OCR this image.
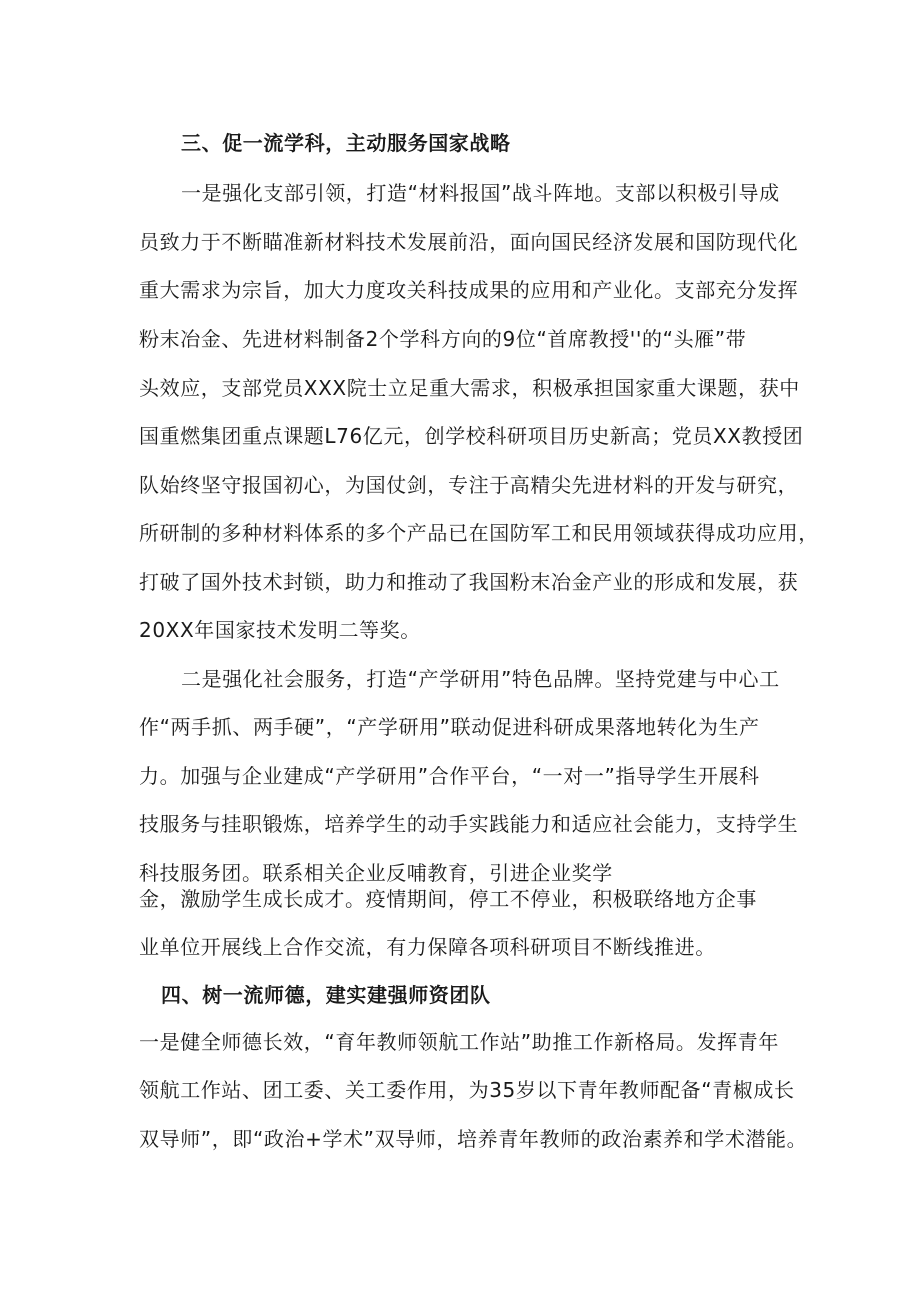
三、促一流学科，主动服务国家战略
一是强化支部引领，打造“材料报国”战斗阵地。支部以积极引导成
员致力于不断瞄准新材料技术发展前沿，面向国民经济发展和国防现代化
重大需求为宗旨，加大力度攻关科技成果的应用和产业化。支部充分发挥
粉末冶金、先进材料制备2个学科方向的9位“首席教授''的“头雁”带
头效应，支部党员XXX院士立足重大需求，积极承担国家重大课题，获中
国重燃集团重点课题L76亿元，创学校科研项目历史新高；党员XX教授团
队始终坚守报国初心，为国仗剑，专注于高精尖先进材料的开发与研究，
所研制的多种材料体系的多个产品已在国防军工和民用领域获得成功应用，
打破了国外技术封锁，助力和推动了我国粉末冶金产业的形成和发展，获
20XX年国家技术发明二等奖。
二是强化社会服务，打造“产学研用”特色品牌。坚持党建与中心工
作“两手抓、两手硬”，“产学研用”联动促进科研成果落地转化为生产
力。加强与企业建成“产学研用”合作平台，“一对一”指导学生开展科
技服务与挂职锻炼，培养学生的动手实践能力和适应社会能力，支持学生
科技服务团。联系相关企业反哺教育，引进企业奖学
金，激励学生成长成才。疫情期间，停工不停业，积极联络地方企事
业单位开展线上合作交流，有力保障各项科研项目不断线推进。
四、树一流师德，建实建强师资团队
一是健全师德长效，“育年教师领航工作站”助推工作新格局。发挥青年
领航工作站、团工委、关工委作用，为35岁以下青年教师配备“青椒成长
双导师”，即“政治+学术”双导师，培养青年教师的政治素养和学术潜能。
